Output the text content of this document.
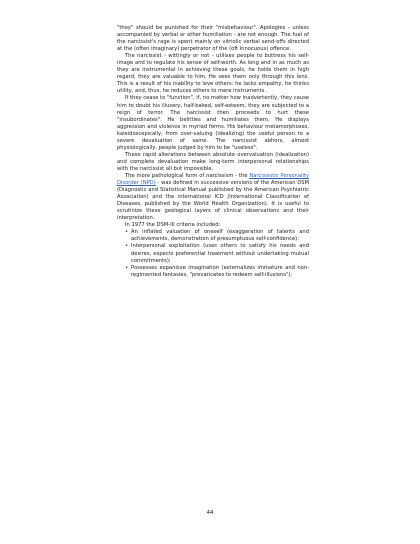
"they" should be punished for their "misbehaviour". Apologies - unless accompanied by verbal or other humiliation - are not enough. The fuel of the narcissist's rage is spent mainly on vitriolic verbal send-offs directed at the (often imaginary) perpetrator of the (oft innocuous) offence.

The narcissist - wittingly or not - utilises people to buttress his self-image and to regulate his sense of self-worth. As long and in as much as they are instrumental in achieving these goals, he holds them in high regard, they are valuable to him. He sees them only through this lens. This is a result of his inability to love others: he lacks empathy, he thinks utility, and, thus, he reduces others to mere instruments.

If they cease to "function", if, no matter how inadvertently, they cause him to doubt his illusory, half-baked, self-esteem, they are subjected to a reign of terror. The narcissist then proceeds to hurt these "insubordinates". He belittles and humiliates them. He displays aggression and violence in myriad forms. His behaviour metamorphoses, kaleidoscopically, from over-valuing (idealizing) the useful person to a severe devaluation of same. The narcissist abhors, almost physiologically, people judged by him to be "useless".

These rapid alterations between absolute overvaluation (idealization) and complete devaluation make long-term interpersonal relationships with the narcissist all but impossible.

The more pathological form of narcissism - the Narcissistic Personality Disorder (NPD) - was defined in successive versions of the American DSM (Diagnostic and Statistical Manual published by the American Psychiatric Association) and the international ICD (International Classification of Diseases, published by the World Health Organization). It is useful to scrutinize these geological layers of clinical observations and their interpretation.

In 1977 the DSM-III criteria included:

• An inflated valuation of oneself (exaggeration of talents and achievements, demonstration of presumptuous self-confidence);
• Interpersonal exploitation (uses others to satisfy his needs and desires, expects preferential treatment without undertaking mutual commitments);
• Possesses expansive imagination (externalizes immature and non-regimented fantasies, "prevaricates to redeem self-illusions");
44
